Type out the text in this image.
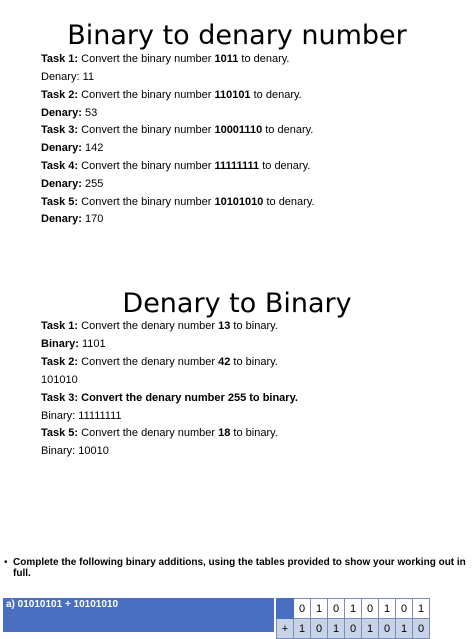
Binary to denary number
Task 1: Convert the binary number 1011 to denary.
Denary: 11
Task 2: Convert the binary number 110101 to denary.
Denary: 53
Task 3: Convert the binary number 10001110 to denary.
Denary: 142
Task 4: Convert the binary number 11111111 to denary.
Denary: 255
Task 5: Convert the binary number 10101010 to denary.
Denary: 170
Denary to Binary
Task 1: Convert the denary number 13 to binary.
Binary: 1101
Task 2: Convert the denary number 42 to binary.
101010
Task 3: Convert the denary number 255 to binary.
Binary: 11111111
Task 5: Convert the denary number 18 to binary.
Binary: 10010
• Complete the following binary additions, using the tables provided to show your working out in full.
a) 01010101 + 10101010
		0	1	0	1	0	1	0	1
+	1	0	1	0	1	0	1	0
